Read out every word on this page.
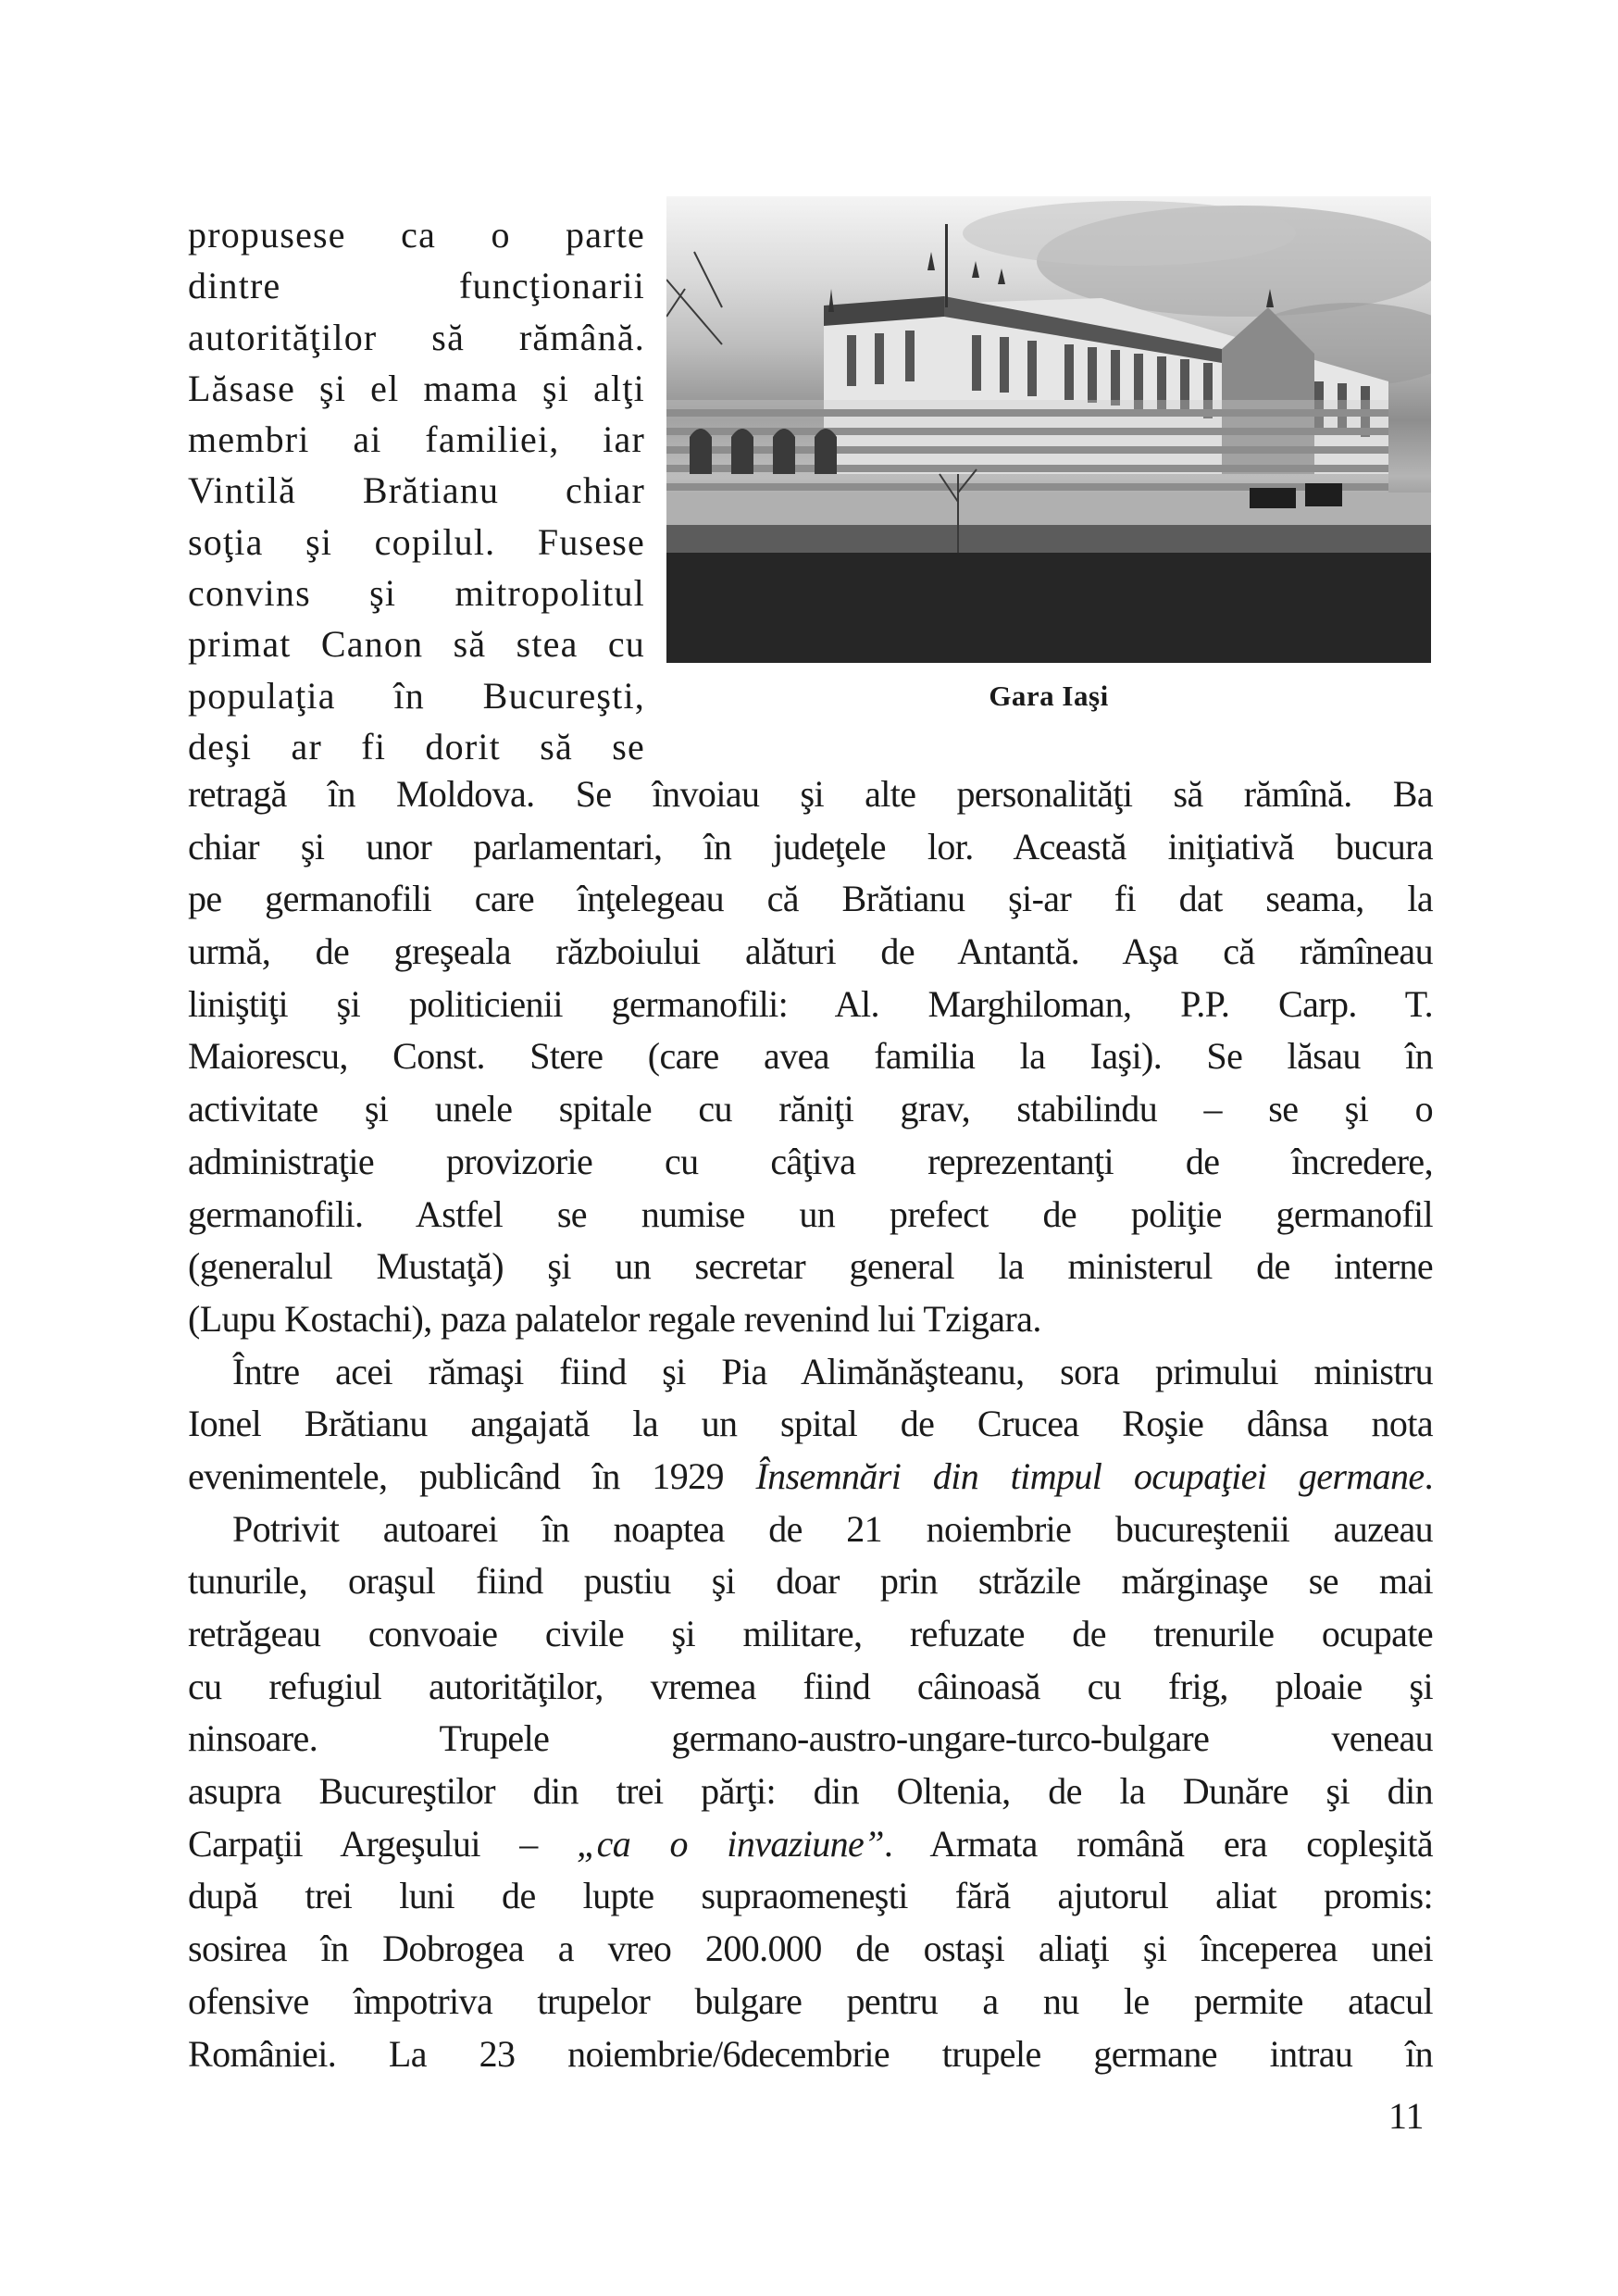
Gara Iaşi
propusese ca o parte
dintre funcţionarii
autorităţilor să rămână.
Lăsase şi el mama şi alţi
membri ai familiei, iar
Vintilă Brătianu chiar
soţia şi copilul. Fusese
convins şi mitropolitul
primat Canon să stea cu
populaţia în Bucureşti,
deşi ar fi dorit să se
retragă în Moldova. Se învoiau şi alte personalităţi să rămînă. Ba
chiar şi unor parlamentari, în judeţele lor. Această iniţiativă bucura
pe germanofili care înţelegeau că Brătianu şi-ar fi dat seama, la
urmă, de greşeala războiului alături de Antantă. Aşa că rămîneau
liniştiţi şi politicienii germanofili: Al. Marghiloman, P.P. Carp. T.
Maiorescu, Const. Stere (care avea familia la Iaşi). Se lăsau în
activitate şi unele spitale cu răniţi grav, stabilindu – se şi o
administraţie provizorie cu câţiva reprezentanţi de încredere,
germanofili. Astfel se numise un prefect de poliţie germanofil
(generalul Mustaţă) şi un secretar general la ministerul de interne
(Lupu Kostachi), paza palatelor regale revenind lui Tzigara.
Între acei rămaşi fiind şi Pia Alimănăşteanu, sora primului ministru
Ionel Brătianu angajată la un spital de Crucea Roşie dânsa nota
evenimentele, publicând în 1929 Însemnări din timpul ocupaţiei germane.
Potrivit autoarei în noaptea de 21 noiembrie bucureştenii auzeau
tunurile, oraşul fiind pustiu şi doar prin străzile mărginaşe se mai
retrăgeau convoaie civile şi militare, refuzate de trenurile ocupate
cu refugiul autorităţilor, vremea fiind câinoasă cu frig, ploaie şi
ninsoare. Trupele germano-austro-ungare-turco-bulgare veneau
asupra Bucureştilor din trei părţi: din Oltenia, de la Dunăre şi din
Carpaţii Argeşului – „ca o invaziune”. Armata română era copleşită
după trei luni de lupte supraomeneşti fără ajutorul aliat promis:
sosirea în Dobrogea a vreo 200.000 de ostaşi aliaţi şi începerea unei
ofensive împotriva trupelor bulgare pentru a nu le permite atacul
României. La 23 noiembrie/6decembrie trupele germane intrau în
11
